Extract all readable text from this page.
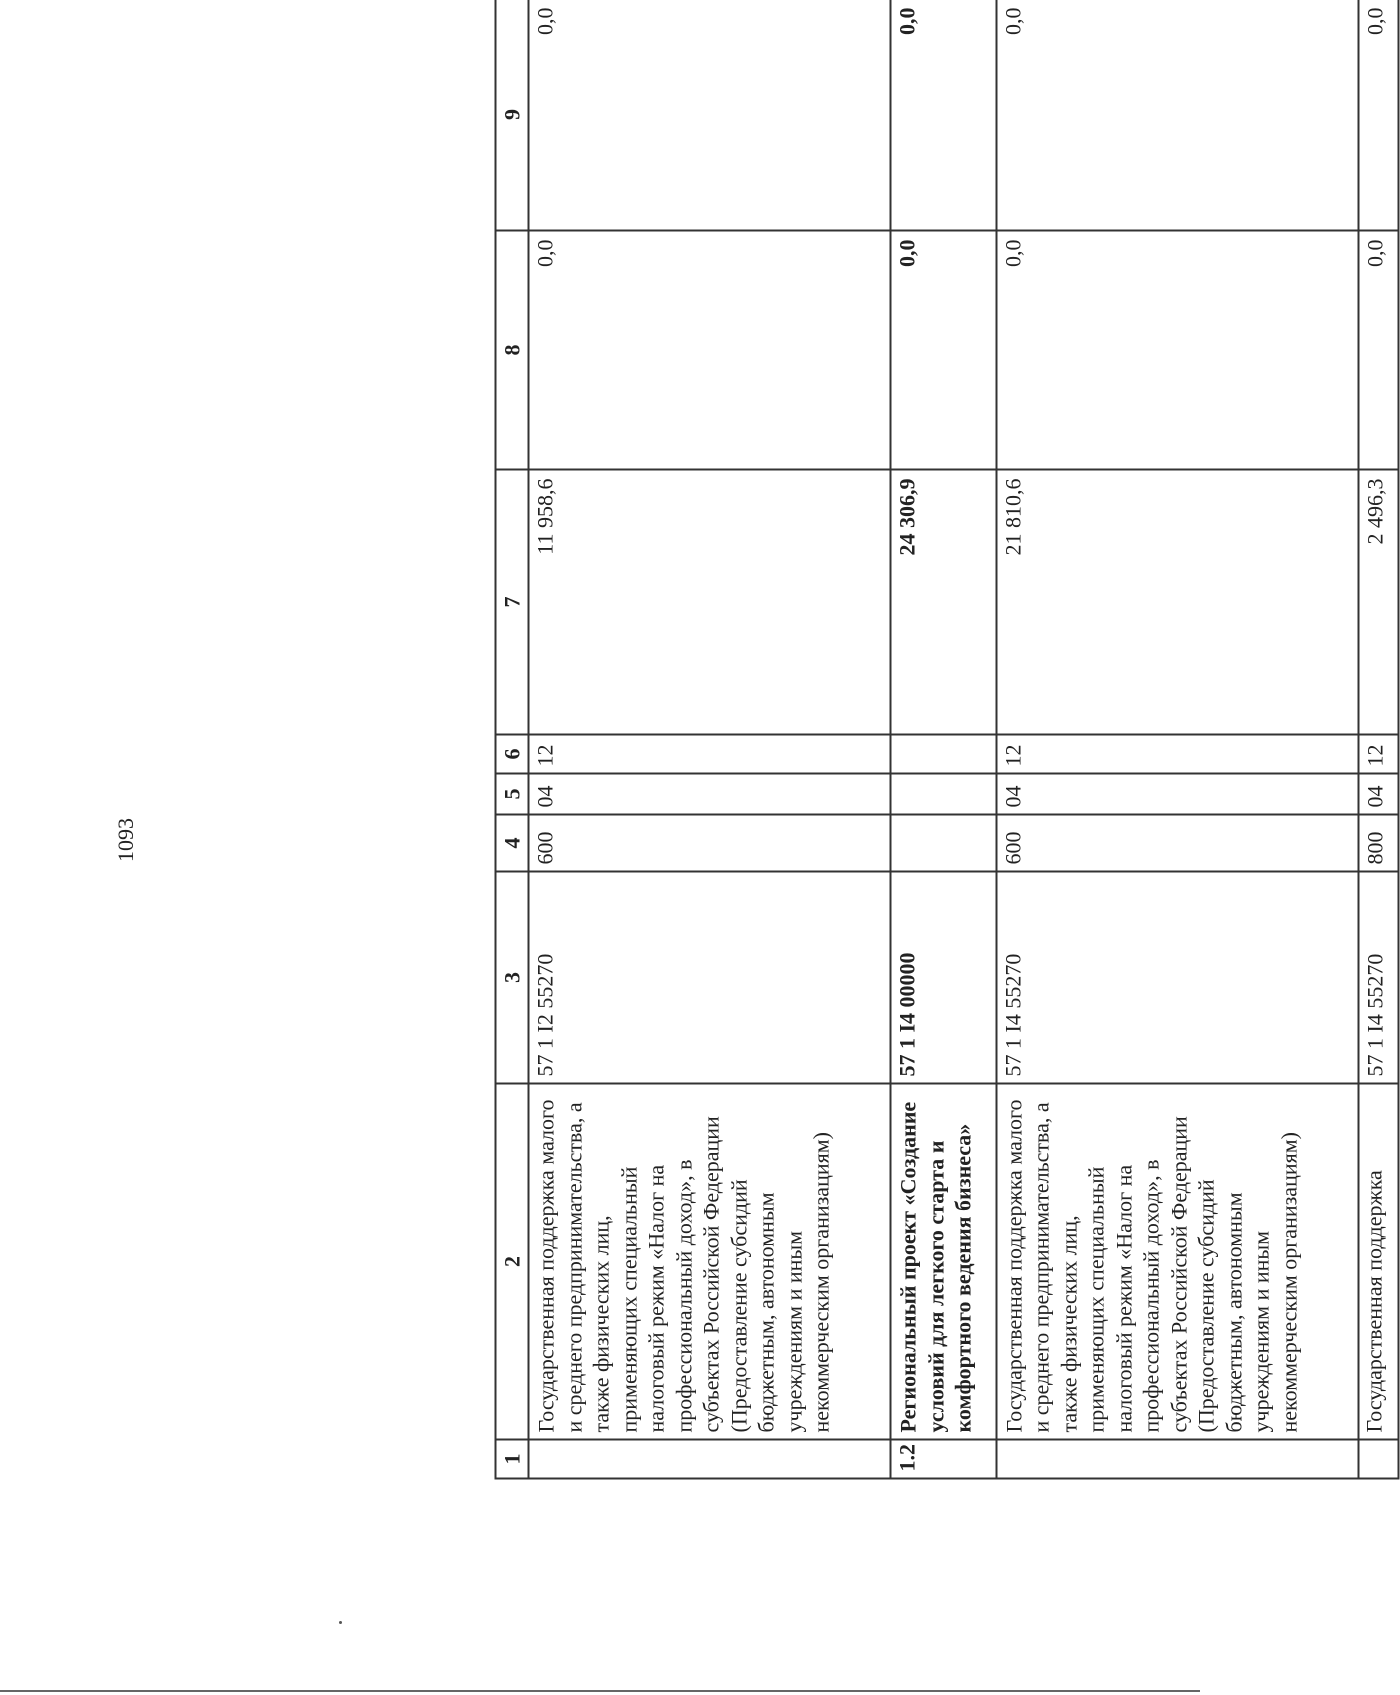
1093
1	2	3	4	5	6	7	8	9
	Государственная поддержка малого и среднего предпринимательства, а также физических лиц, применяющих специальный налоговый режим «Налог на профессиональный доход», в субъектах Российской Федерации (Предоставление субсидий бюджетным, автономным учреждениям и иным некоммерческим организациям)	57 1 I2 55270	600	04	12	11 958,6	0,0	0,0
1.2	Региональный проект «Создание условий для легкого старта и комфортного ведения бизнеса»	57 1 I4 00000				24 306,9	0,0	0,0
	Государственная поддержка малого и среднего предпринимательства, а также физических лиц, применяющих специальный налоговый режим «Налог на профессиональный доход», в субъектах Российской Федерации (Предоставление субсидий бюджетным, автономным учреждениям и иным некоммерческим организациям)	57 1 I4 55270	600	04	12	21 810,6	0,0	0,0
	Государственная поддержка	57 1 I4 55270	800	04	12	2 496,3	0,0	0,0
